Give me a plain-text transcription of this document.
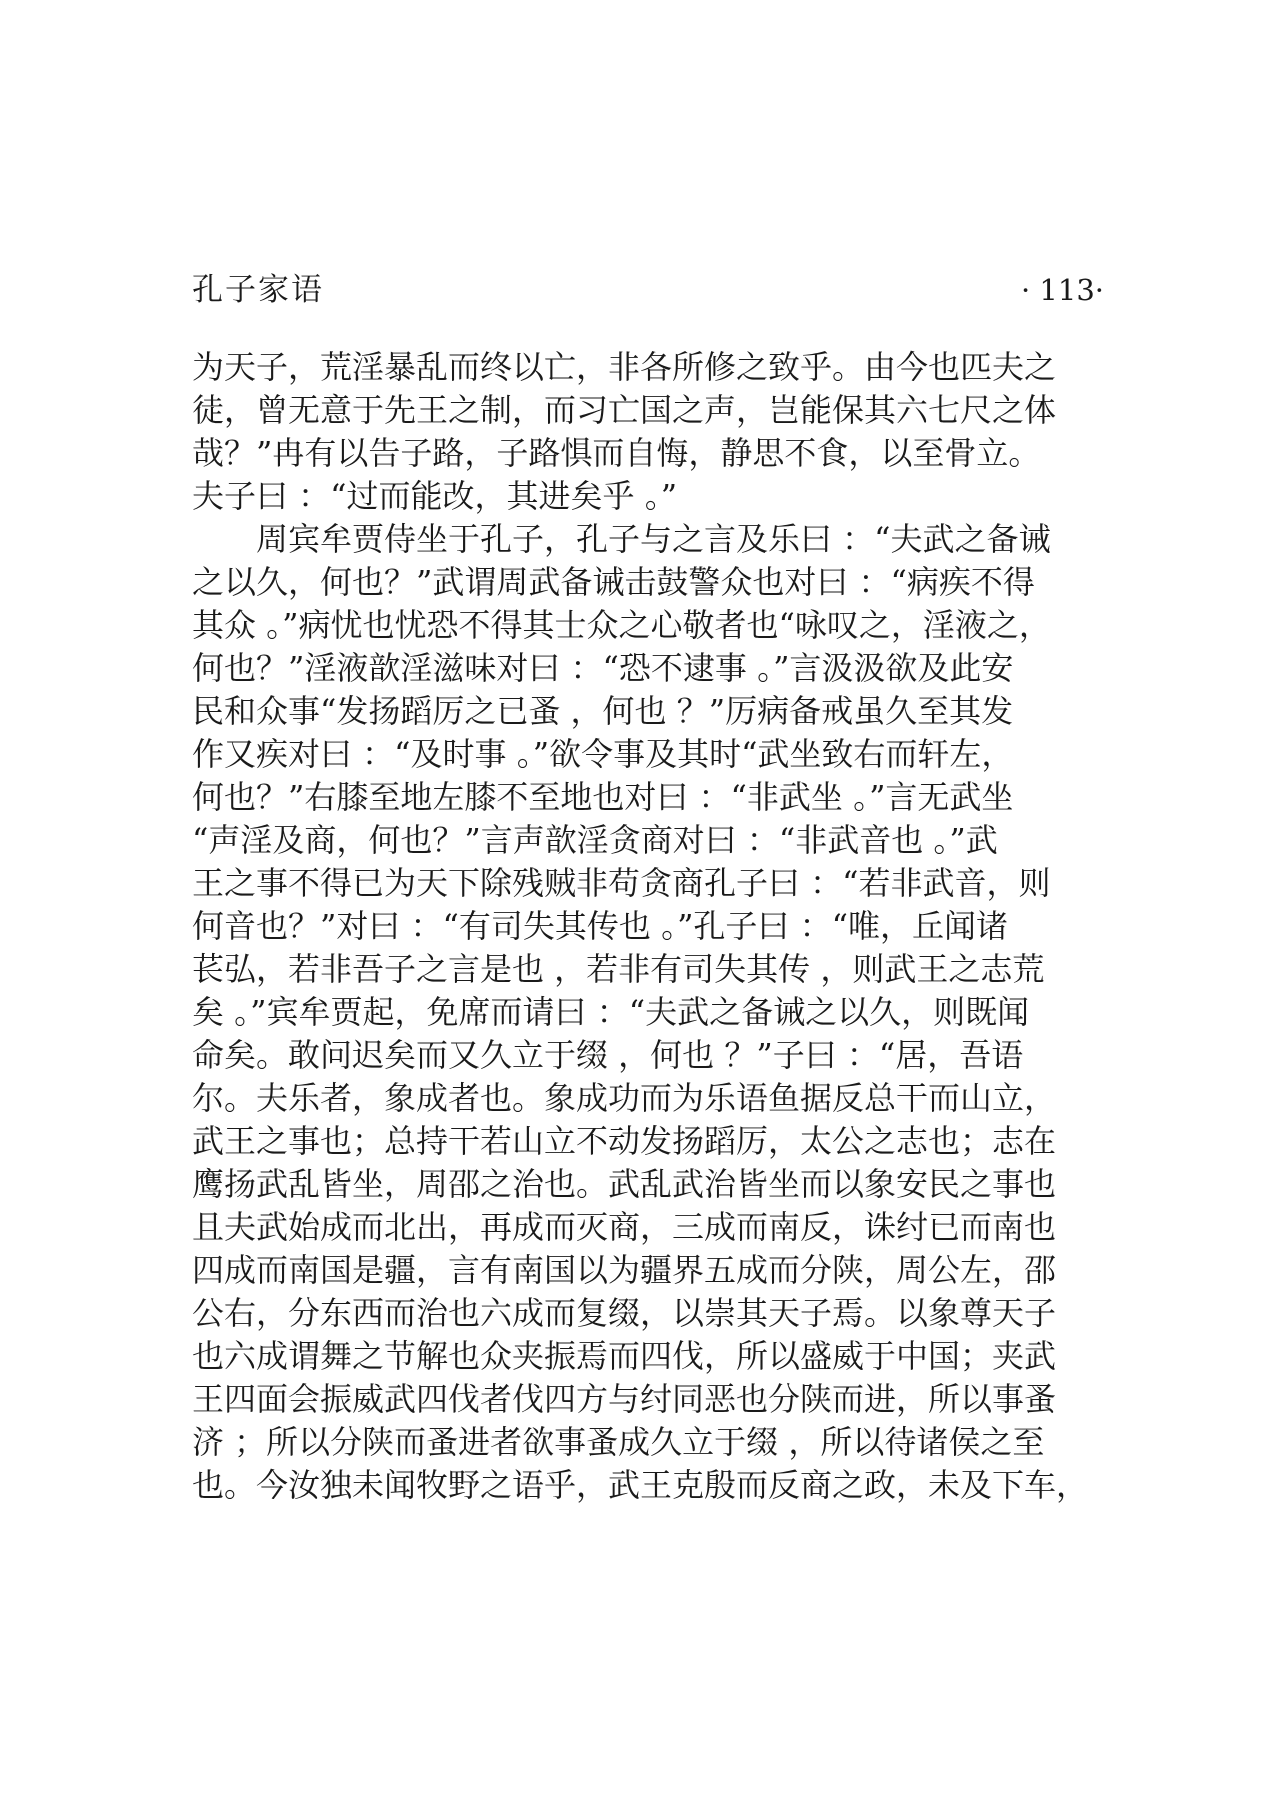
孔子家语	· 113·
为天子，荒淫暴乱而终以亡，非各所修之致乎。由今也匹夫之
徒，曾无意于先王之制，而习亡国之声，岂能保其六七尺之体
哉？”冉有以告子路，子路惧而自悔，静思不食，以至骨立。
夫子曰 ：“过而能改，其进矣乎 。”
周宾牟贾侍坐于孔子，孔子与之言及乐曰 ：“夫武之备诫
之以久，何也？”武谓周武备诫击鼓警众也对曰 ：“病疾不得
其众 。”病忧也忧恐不得其士众之心敬者也“咏叹之，淫液之，
何也？”淫液歆淫滋味对曰 ：“恐不逮事 。”言汲汲欲及此安
民和众事“发扬蹈厉之已蚤 ，何也 ？”厉病备戒虽久至其发
作又疾对曰 ：“及时事 。”欲令事及其时“武坐致右而轩左，
何也？”右膝至地左膝不至地也对曰 ：“非武坐 。”言无武坐
“声淫及商，何也？”言声歆淫贪商对曰 ：“非武音也 。”武
王之事不得已为天下除残贼非苟贪商孔子曰 ：“若非武音，则
何音也？”对曰 ：“有司失其传也 。”孔子曰 ：“唯，丘闻诸
苌弘，若非吾子之言是也 ，若非有司失其传 ，则武王之志荒
矣 。”宾牟贾起，免席而请曰 ：“夫武之备诫之以久，则既闻
命矣。敢问迟矣而又久立于缀 ，何也 ？”子曰 ：“居，吾语
尔。夫乐者，象成者也。象成功而为乐语鱼据反总干而山立，
武王之事也；总持干若山立不动发扬蹈厉，太公之志也；志在
鹰扬武乱皆坐，周邵之治也。武乱武治皆坐而以象安民之事也
且夫武始成而北出，再成而灭商，三成而南反，诛纣已而南也
四成而南国是疆，言有南国以为疆界五成而分陕，周公左，邵
公右，分东西而治也六成而复缀，以崇其天子焉。以象尊天子
也六成谓舞之节解也众夹振焉而四伐，所以盛威于中国；夹武
王四面会振威武四伐者伐四方与纣同恶也分陕而进，所以事蚤
济 ；所以分陕而蚤进者欲事蚤成久立于缀 ，所以待诸侯之至
也。今汝独未闻牧野之语乎，武王克殷而反商之政，未及下车，
